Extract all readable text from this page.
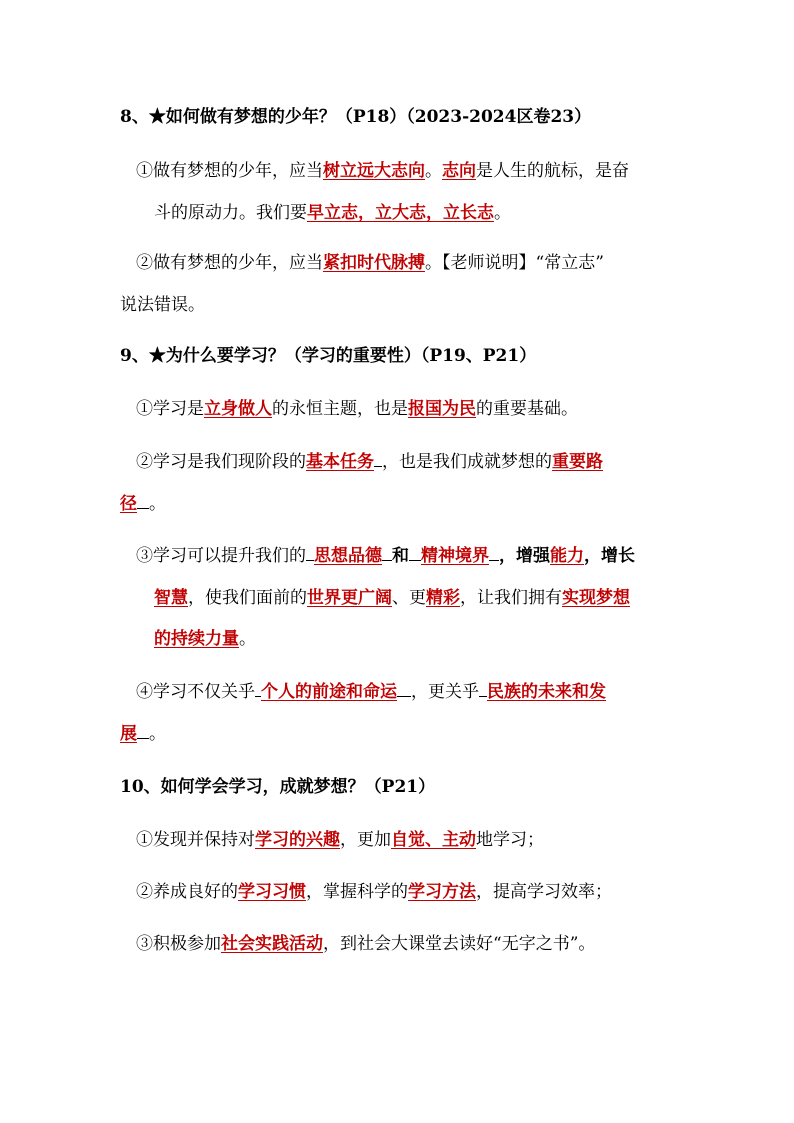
8、★如何做有梦想的少年？（P18）（2023-2024区卷23）
①做有梦想的少年，应当树立远大志向。志向是人生的航标，是奋
斗的原动力。我们要早立志，立大志，立长志。
②做有梦想的少年，应当紧扣时代脉搏。【老师说明】“常立志”
说法错误。
9、★为什么要学习？（学习的重要性）（P19、P21）
①学习是立身做人的永恒主题，也是报国为民的重要基础。
②学习是我们现阶段的基本任务 ，也是我们成就梦想的重要路
径 。
③学习可以提升我们的 思想品德 和 精神境界 ，增强能力，增长
智慧，使我们面前的世界更广阔、更精彩，让我们拥有实现梦想
的持续力量。
④学习不仅关乎 个人的前途和命运 ，更关乎 民族的未来和发
展 。
10、如何学会学习，成就梦想？（P21）
①发现并保持对学习的兴趣，更加自觉、主动地学习；
②养成良好的学习习惯，掌握科学的学习方法，提高学习效率；
③积极参加社会实践活动，到社会大课堂去读好“无字之书”。
